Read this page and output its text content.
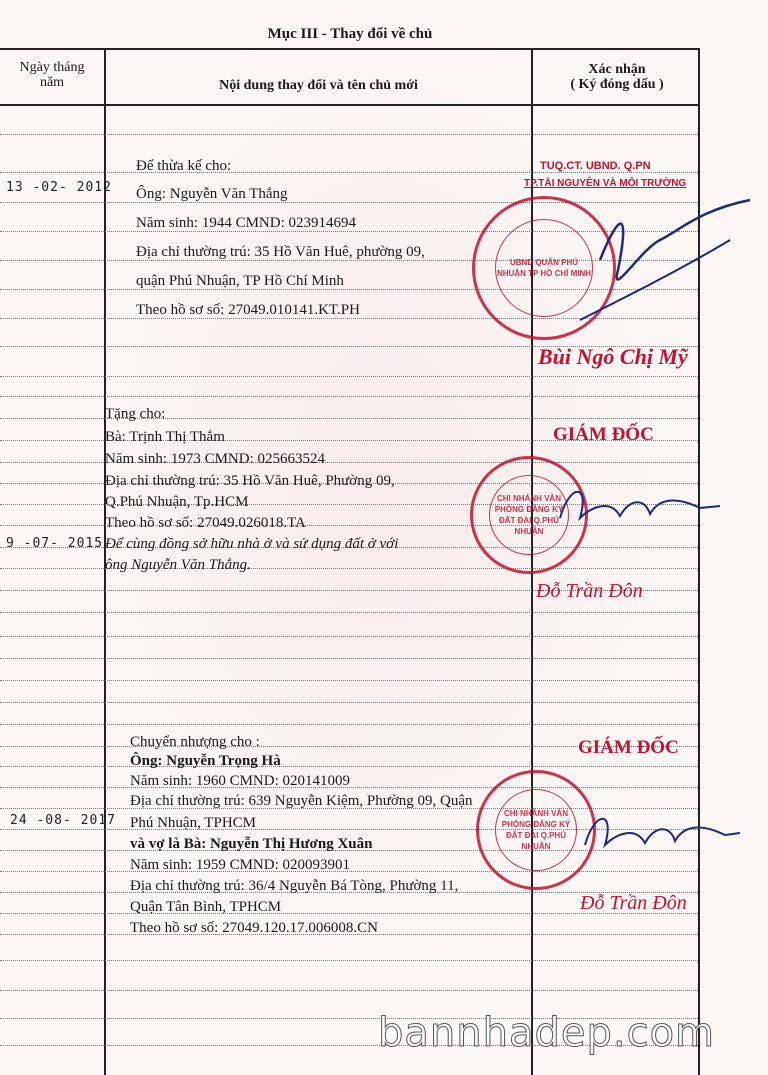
Mục III - Thay đổi về chủ
Ngày tháng
năm	Nội dung thay đổi và tên chủ mới
Xác nhận
( Ký đóng dấu )
13 -02- 2012
Để thừa kế cho:
Ông: Nguyễn Văn Thắng
Năm sinh: 1944 CMND: 023914694
Địa chỉ thường trú: 35 Hồ Văn Huê, phường 09,
quận Phú Nhuận, TP Hồ Chí Minh
Theo hồ sơ số: 27049.010141.KT.PH
TUQ.CT. UBND. Q.PN
TP.TÀI NGUYÊN VÀ MÔI TRƯỜNG
UBND QUẬN PHÚ NHUẬN TP HỒ CHÍ MINH
Bùi Ngô Chị Mỹ
9 -07- 2015
Tặng cho:
Bà: Trịnh Thị Thắm
Năm sinh: 1973 CMND: 025663524
Địa chỉ thường trú: 35 Hồ Văn Huê, Phường 09,
Q.Phú Nhuận, Tp.HCM
Theo hồ sơ số: 27049.026018.TA
Để cùng đồng sở hữu nhà ở và sử dụng đất ở với
ông Nguyễn Văn Thắng.
GIÁM ĐỐC
CHI NHÁNH VĂN PHÒNG ĐĂNG KÝ ĐẤT ĐAI Q.PHÚ NHUẬN
Đỗ Trần Đôn
24 -08- 2017
Chuyển nhượng cho :
Ông: Nguyễn Trọng Hà
Năm sinh: 1960 CMND: 020141009
Địa chỉ thường trú: 639 Nguyễn Kiệm, Phường 09, Quận
Phú Nhuận, TPHCM
và vợ là Bà: Nguyễn Thị Hương Xuân
Năm sinh: 1959 CMND: 020093901
Địa chỉ thường trú: 36/4 Nguyễn Bá Tòng, Phường 11,
Quận Tân Bình, TPHCM
Theo hồ sơ số: 27049.120.17.006008.CN
GIÁM ĐỐC
CHI NHÁNH VĂN PHÒNG ĐĂNG KÝ ĐẤT ĐAI Q.PHÚ NHUẬN
Đỗ Trần Đôn
bannhadep.com
